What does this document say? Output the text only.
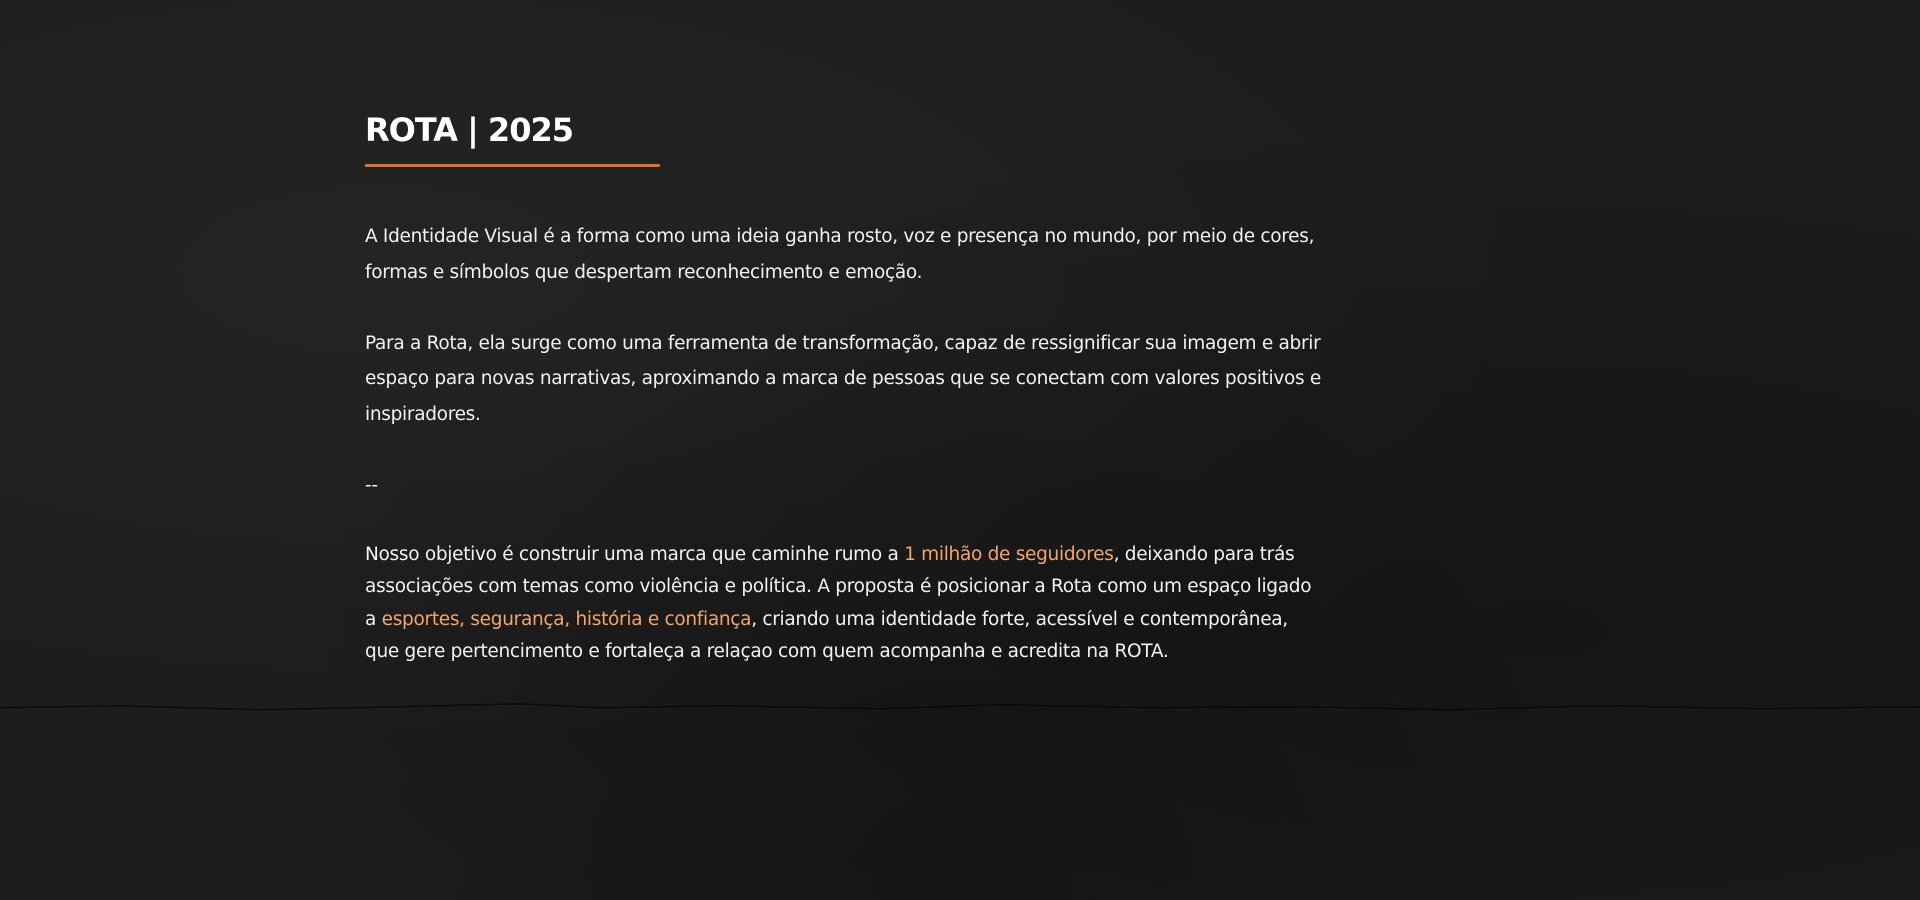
ROTA | 2025

A Identidade Visual é a forma como uma ideia ganha rosto, voz e presença no mundo, por meio de cores, formas e símbolos que despertam reconhecimento e emoção.

Para a Rota, ela surge como uma ferramenta de transformação, capaz de ressignificar sua imagem e abrir espaço para novas narrativas, aproximando a marca de pessoas que se conectam com valores positivos e inspiradores.

--

Nosso objetivo é construir uma marca que caminhe rumo a 1 milhão de seguidores, deixando para trás associações com temas como violência e política. A proposta é posicionar a Rota como um espaço ligado a esportes, segurança, história e confiança, criando uma identidade forte, acessível e contemporânea, que gere pertencimento e fortaleça a relaçao com quem acompanha e acredita na ROTA.
